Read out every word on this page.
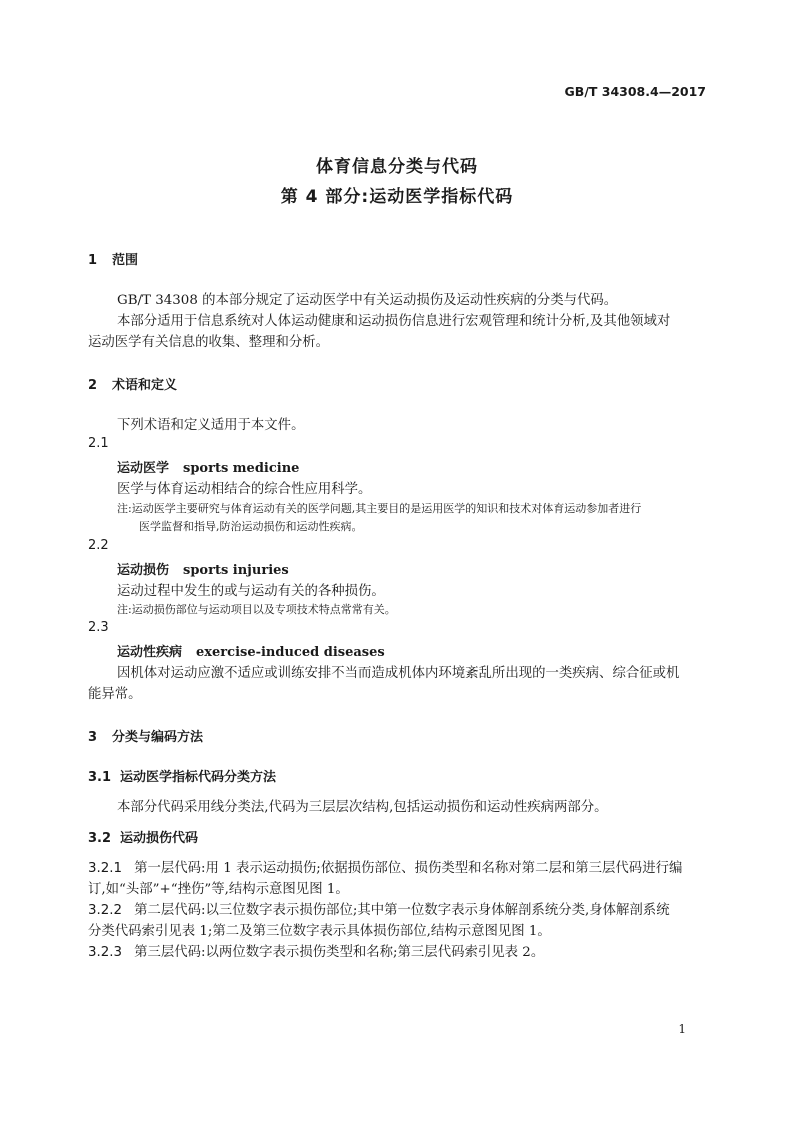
GB/T 34308.4—2017
体育信息分类与代码
第 4 部分:运动医学指标代码
1 范围
GB/T 34308 的本部分规定了运动医学中有关运动损伤及运动性疾病的分类与代码。
本部分适用于信息系统对人体运动健康和运动损伤信息进行宏观管理和统计分析,及其他领域对
运动医学有关信息的收集、整理和分析。
2 术语和定义
下列术语和定义适用于本文件。
2.1
运动医学 sports medicine
医学与体育运动相结合的综合性应用科学。
注:运动医学主要研究与体育运动有关的医学问题,其主要目的是运用医学的知识和技术对体育运动参加者进行
医学监督和指导,防治运动损伤和运动性疾病。
2.2
运动损伤 sports injuries
运动过程中发生的或与运动有关的各种损伤。
注:运动损伤部位与运动项目以及专项技术特点常常有关。
2.3
运动性疾病 exercise-induced diseases
因机体对运动应激不适应或训练安排不当而造成机体内环境紊乱所出现的一类疾病、综合征或机
能异常。
3 分类与编码方法
3.1 运动医学指标代码分类方法
本部分代码采用线分类法,代码为三层层次结构,包括运动损伤和运动性疾病两部分。
3.2 运动损伤代码
3.2.1 第一层代码:用 1 表示运动损伤;依据损伤部位、损伤类型和名称对第二层和第三层代码进行编
订,如“头部”+“挫伤”等,结构示意图见图 1。
3.2.2 第二层代码:以三位数字表示损伤部位;其中第一位数字表示身体解剖系统分类,身体解剖系统
分类代码索引见表 1;第二及第三位数字表示具体损伤部位,结构示意图见图 1。
3.2.3 第三层代码:以两位数字表示损伤类型和名称;第三层代码索引见表 2。
1
